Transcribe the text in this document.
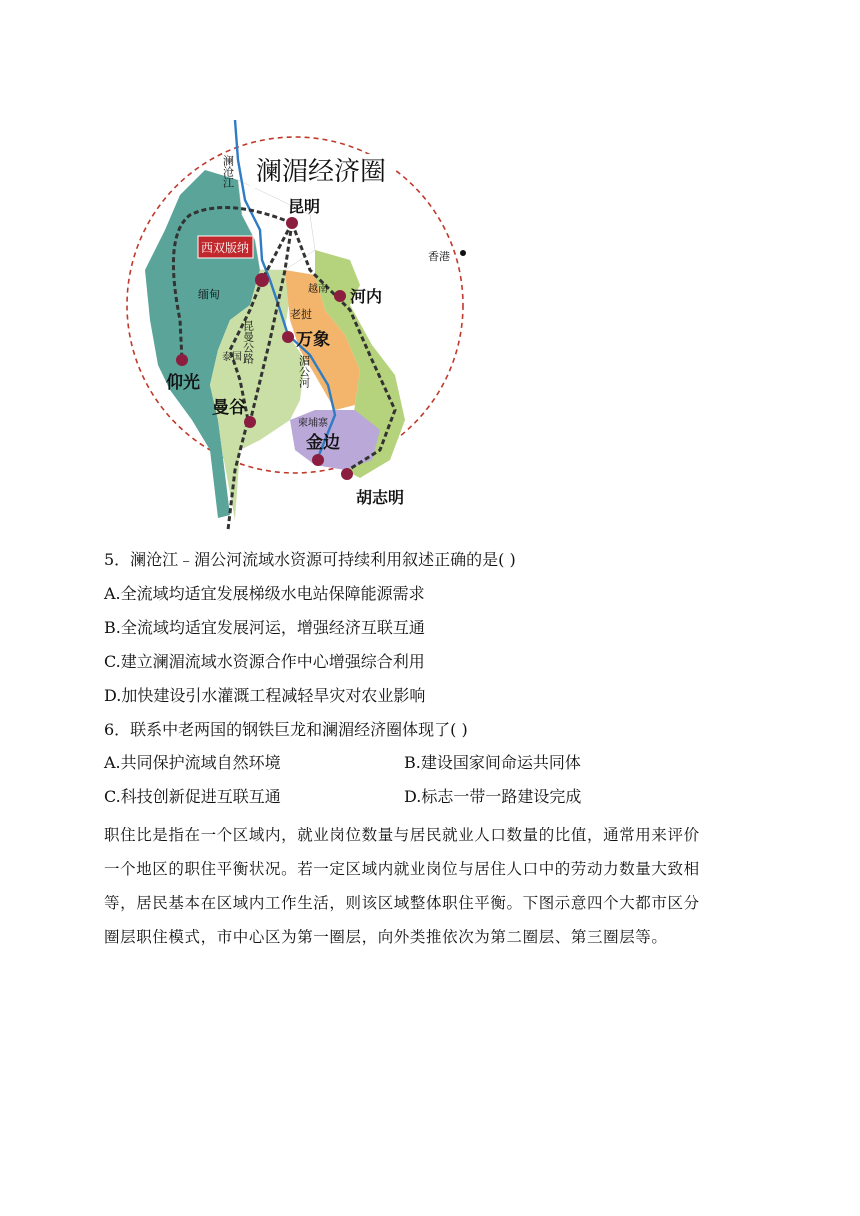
澜湄经济圈
澜沧江
西双版纳
昆明
香港
缅甸	越南 河内
老挝
万象
昆曼公路
泰国	湄公河
仰光
曼谷
柬埔寨
金边
胡志明
5．澜沧江﹣湄公河流域水资源可持续利用叙述正确的是( )
A.全流域均适宜发展梯级水电站保障能源需求
B.全流域均适宜发展河运，增强经济互联互通
C.建立澜湄流域水资源合作中心增强综合利用
D.加快建设引水灌溉工程减轻旱灾对农业影响
6．联系中老两国的钢铁巨龙和澜湄经济圈体现了( )
A.共同保护流域自然环境	B.建设国家间命运共同体
C.科技创新促进互联互通	D.标志一带一路建设完成
职住比是指在一个区域内，就业岗位数量与居民就业人口数量的比值，通常用来评价
一个地区的职住平衡状况。若一定区域内就业岗位与居住人口中的劳动力数量大致相
等，居民基本在区域内工作生活，则该区域整体职住平衡。下图示意四个大都市区分
圈层职住模式，市中心区为第一圈层，向外类推依次为第二圈层、第三圈层等。
